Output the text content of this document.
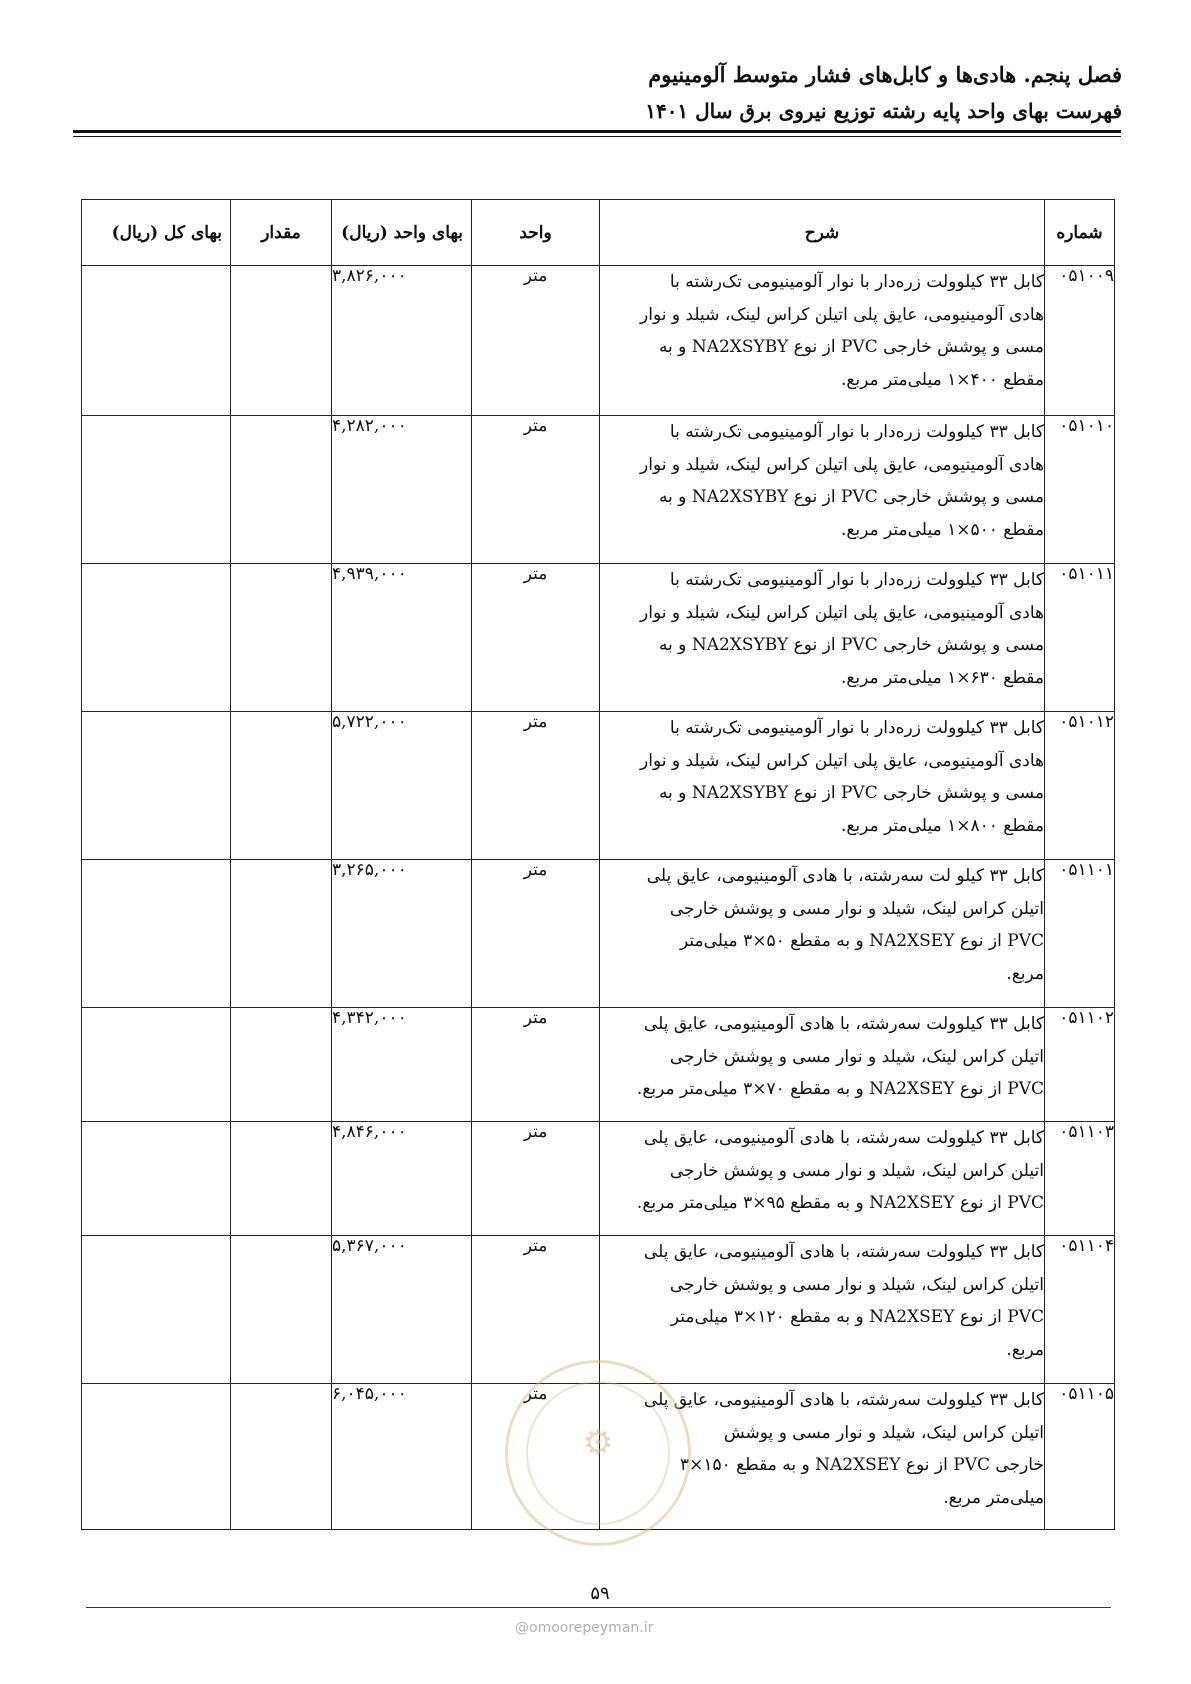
فصل پنجم. هادی‌ها و کابل‌های فشار متوسط آلومینیوم
فهرست بهای واحد پایه رشته توزیع نیروی برق سال ۱۴۰۱
شماره	شرح	واحد	بهای واحد (ریال)	مقدار	بهای کل (ریال)
۰۵۱۰۰۹	کابل ۳۳ کیلوولت زره‌دار با نوار آلومینیومی تک‌رشته با
هادی آلومینیومی، عایق پلی اتیلن کراس لینک، شیلد و نوار
مسی و پوشش خارجی PVC از نوع NA2XSYBY و به
مقطع ۴۰۰×۱ میلی‌متر مربع.	متر	۳,۸۲۶,۰۰۰		
۰۵۱۰۱۰	کابل ۳۳ کیلوولت زره‌دار با نوار آلومینیومی تک‌رشته با
هادی آلومینیومی، عایق پلی اتیلن کراس لینک، شیلد و نوار
مسی و پوشش خارجی PVC از نوع NA2XSYBY و به
مقطع ۵۰۰×۱ میلی‌متر مربع.	متر	۴,۲۸۲,۰۰۰		
۰۵۱۰۱۱	کابل ۳۳ کیلوولت زره‌دار با نوار آلومینیومی تک‌رشته با
هادی آلومینیومی، عایق پلی اتیلن کراس لینک، شیلد و نوار
مسی و پوشش خارجی PVC از نوع NA2XSYBY و به
مقطع ۶۳۰×۱ میلی‌متر مربع.	متر	۴,۹۳۹,۰۰۰		
۰۵۱۰۱۲	کابل ۳۳ کیلوولت زره‌دار با نوار آلومینیومی تک‌رشته با
هادی آلومینیومی، عایق پلی اتیلن کراس لینک، شیلد و نوار
مسی و پوشش خارجی PVC از نوع NA2XSYBY و به
مقطع ۸۰۰×۱ میلی‌متر مربع.	متر	۵,۷۲۲,۰۰۰		
۰۵۱۱۰۱	کابل ۳۳ کیلو لت سه‌رشته، با هادی آلومینیومی، عایق پلی
اتیلن کراس لینک، شیلد و نوار مسی و پوشش خارجی
PVC از نوع NA2XSEY و به مقطع ۵۰×۳ میلی‌متر
مربع.	متر	۳,۲۶۵,۰۰۰		
۰۵۱۱۰۲	کابل ۳۳ کیلوولت سه‌رشته، با هادی آلومینیومی، عایق پلی
اتیلن کراس لینک، شیلد و نوار مسی و پوشش خارجی
PVC از نوع NA2XSEY و به مقطع ۷۰×۳ میلی‌متر مربع.	متر	۴,۳۴۲,۰۰۰		
۰۵۱۱۰۳	کابل ۳۳ کیلوولت سه‌رشته، با هادی آلومینیومی، عایق پلی
اتیلن کراس لینک، شیلد و نوار مسی و پوشش خارجی
PVC از نوع NA2XSEY و به مقطع ۹۵×۳ میلی‌متر مربع.	متر	۴,۸۴۶,۰۰۰		
۰۵۱۱۰۴	کابل ۳۳ کیلوولت سه‌رشته، با هادی آلومینیومی، عایق پلی
اتیلن کراس لینک، شیلد و نوار مسی و پوشش خارجی
PVC از نوع NA2XSEY و به مقطع ۱۲۰×۳ میلی‌متر
مربع.	متر	۵,۳۶۷,۰۰۰		
۰۵۱۱۰۵	کابل ۳۳ کیلوولت سه‌رشته، با هادی آلومینیومی، عایق پلی
اتیلن کراس لینک، شیلد و نوار مسی و پوشش
خارجی PVC از نوع NA2XSEY و به مقطع ۱۵۰×۳
میلی‌متر مربع.	متر	۶,۰۴۵,۰۰۰		
⚙
۵۹
@omoorepeyman.ir
